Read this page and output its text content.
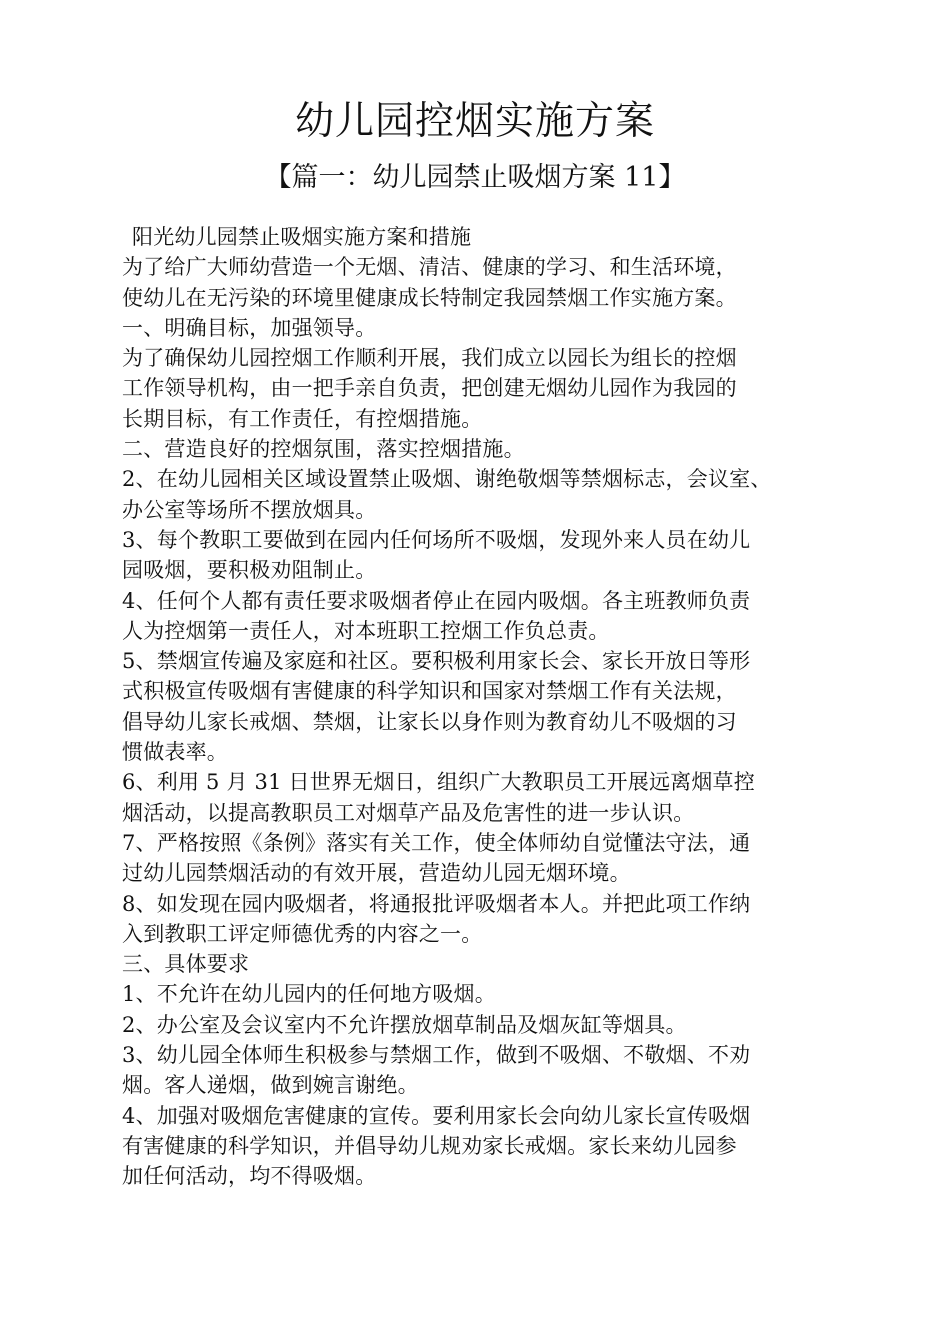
幼儿园控烟实施方案
【篇一：幼儿园禁止吸烟方案 11】
阳光幼儿园禁止吸烟实施方案和措施
为了给广大师幼营造一个无烟、清洁、健康的学习、和生活环境，
使幼儿在无污染的环境里健康成长特制定我园禁烟工作实施方案。
一、明确目标，加强领导。
为了确保幼儿园控烟工作顺利开展，我们成立以园长为组长的控烟
工作领导机构，由一把手亲自负责，把创建无烟幼儿园作为我园的
长期目标，有工作责任，有控烟措施。
二、营造良好的控烟氛围，落实控烟措施。
2、在幼儿园相关区域设置禁止吸烟、谢绝敬烟等禁烟标志，会议室、
办公室等场所不摆放烟具。
3、每个教职工要做到在园内任何场所不吸烟，发现外来人员在幼儿
园吸烟，要积极劝阻制止。
4、任何个人都有责任要求吸烟者停止在园内吸烟。各主班教师负责
人为控烟第一责任人，对本班职工控烟工作负总责。
5、禁烟宣传遍及家庭和社区。要积极利用家长会、家长开放日等形
式积极宣传吸烟有害健康的科学知识和国家对禁烟工作有关法规，
倡导幼儿家长戒烟、禁烟，让家长以身作则为教育幼儿不吸烟的习
惯做表率。
6、利用 5 月 31 日世界无烟日，组织广大教职员工开展远离烟草控
烟活动，以提高教职员工对烟草产品及危害性的进一步认识。
7、严格按照《条例》落实有关工作，使全体师幼自觉懂法守法，通
过幼儿园禁烟活动的有效开展，营造幼儿园无烟环境。
8、如发现在园内吸烟者，将通报批评吸烟者本人。并把此项工作纳
入到教职工评定师德优秀的内容之一。
三、具体要求
1、不允许在幼儿园内的任何地方吸烟。
2、办公室及会议室内不允许摆放烟草制品及烟灰缸等烟具。
3、幼儿园全体师生积极参与禁烟工作，做到不吸烟、不敬烟、不劝
烟。客人递烟，做到婉言谢绝。
4、加强对吸烟危害健康的宣传。要利用家长会向幼儿家长宣传吸烟
有害健康的科学知识，并倡导幼儿规劝家长戒烟。家长来幼儿园参
加任何活动，均不得吸烟。
